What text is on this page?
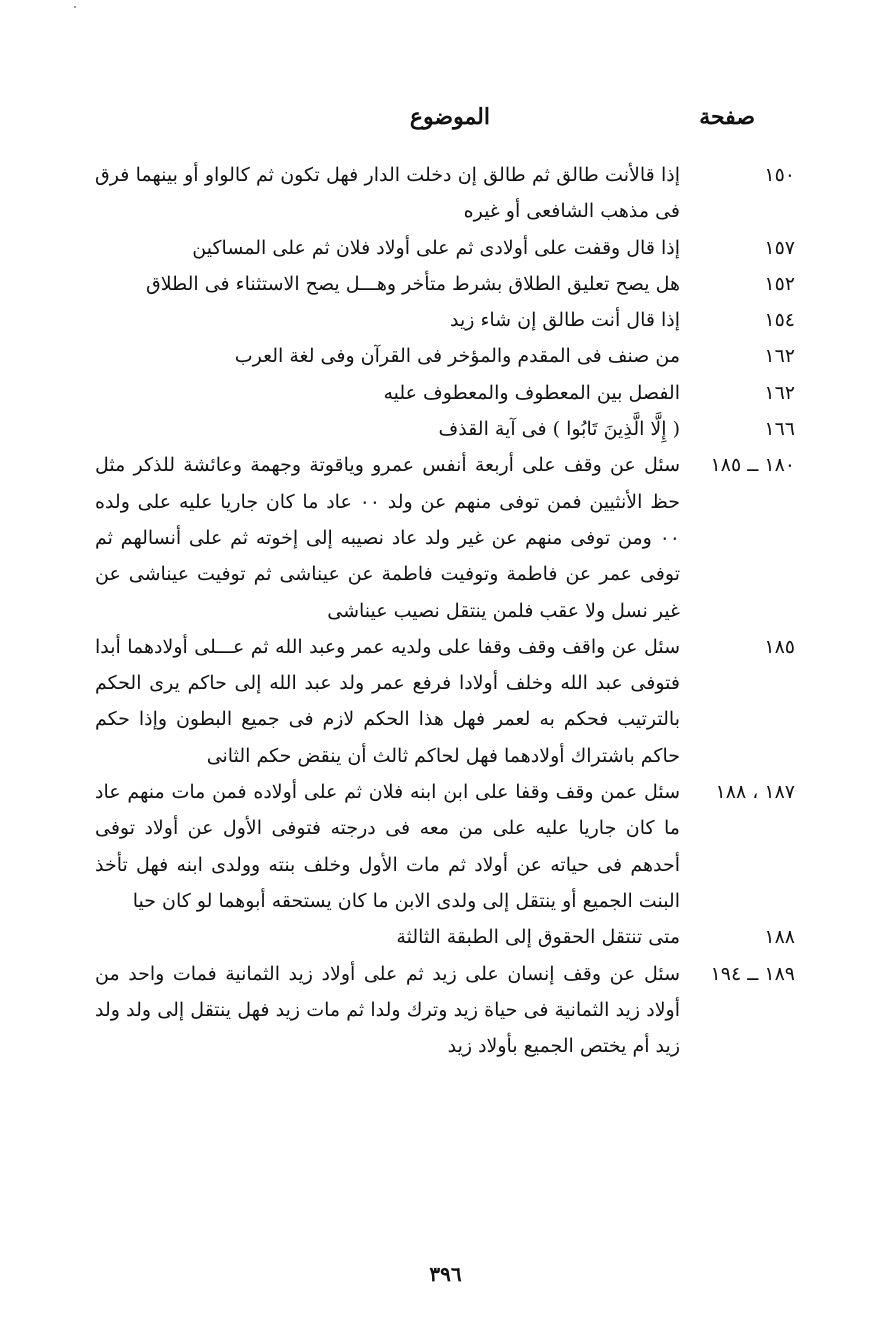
صفحة
الموضوع
١٥٠
إذا قالأنت طالق ثم طالق إن دخلت الدار فهل تكون ثم كالواو أو بينهما فرق فى مذهب الشافعى أو غيره
١٥٧
إذا قال وقفت على أولادى ثم على أولاد فلان ثم على المساكين
١٥٢
هل يصح تعليق الطلاق بشرط متأخر وهـــل يصح الاستثناء فى الطلاق
١٥٤
إذا قال أنت طالق إن شاء زيد
١٦٢
من صنف فى المقدم والمؤخر فى القرآن وفى لغة العرب
١٦٢
الفصل بين المعطوف والمعطوف عليه
١٦٦
( إِلَّا الَّذِينَ تَابُوا ) فى آية القذف
١٨٠ ــ ١٨٥
سئل عن وقف على أربعة أنفس عمرو وياقوتة وجهمة وعائشة للذكر مثل حظ الأنثيين فمن توفى منهم عن ولد ٠٠ عاد ما كان جاريا عليه على ولده ٠٠ ومن توفى منهم عن غير ولد عاد نصيبه إلى إخوته ثم على أنسالهم ثم توفى عمر عن فاطمة وتوفيت فاطمة عن عيناشى ثم توفيت عيناشى عن غير نسل ولا عقب فلمن ينتقل نصيب عيناشى
١٨٥
سئل عن واقف وقف وقفا على ولديه عمر وعبد الله ثم عـــلى أولادهما أبدا فتوفى عبد الله وخلف أولادا فرفع عمر ولد عبد الله إلى حاكم يرى الحكم بالترتيب فحكم به لعمر فهل هذا الحكم لازم فى جميع البطون وإذا حكم حاكم باشتراك أولادهما فهل لحاكم ثالث أن ينقض حكم الثانى
١٨٧ ، ١٨٨
سئل عمن وقف وقفا على ابن ابنه فلان ثم على أولاده فمن مات منهم عاد ما كان جاريا عليه على من معه فى درجته فتوفى الأول عن أولاد توفى أحدهم فى حياته عن أولاد ثم مات الأول وخلف بنته وولدى ابنه فهل تأخذ البنت الجميع أو ينتقل إلى ولدى الابن ما كان يستحقه أبوهما لو كان حيا
١٨٨
متى تنتقل الحقوق إلى الطبقة الثالثة
١٨٩ ــ ١٩٤
سئل عن وقف إنسان على زيد ثم على أولاد زيد الثمانية فمات واحد من أولاد زيد الثمانية فى حياة زيد وترك ولدا ثم مات زيد فهل ينتقل إلى ولد ولد زيد أم يختص الجميع بأولاد زيد
٣٩٦
